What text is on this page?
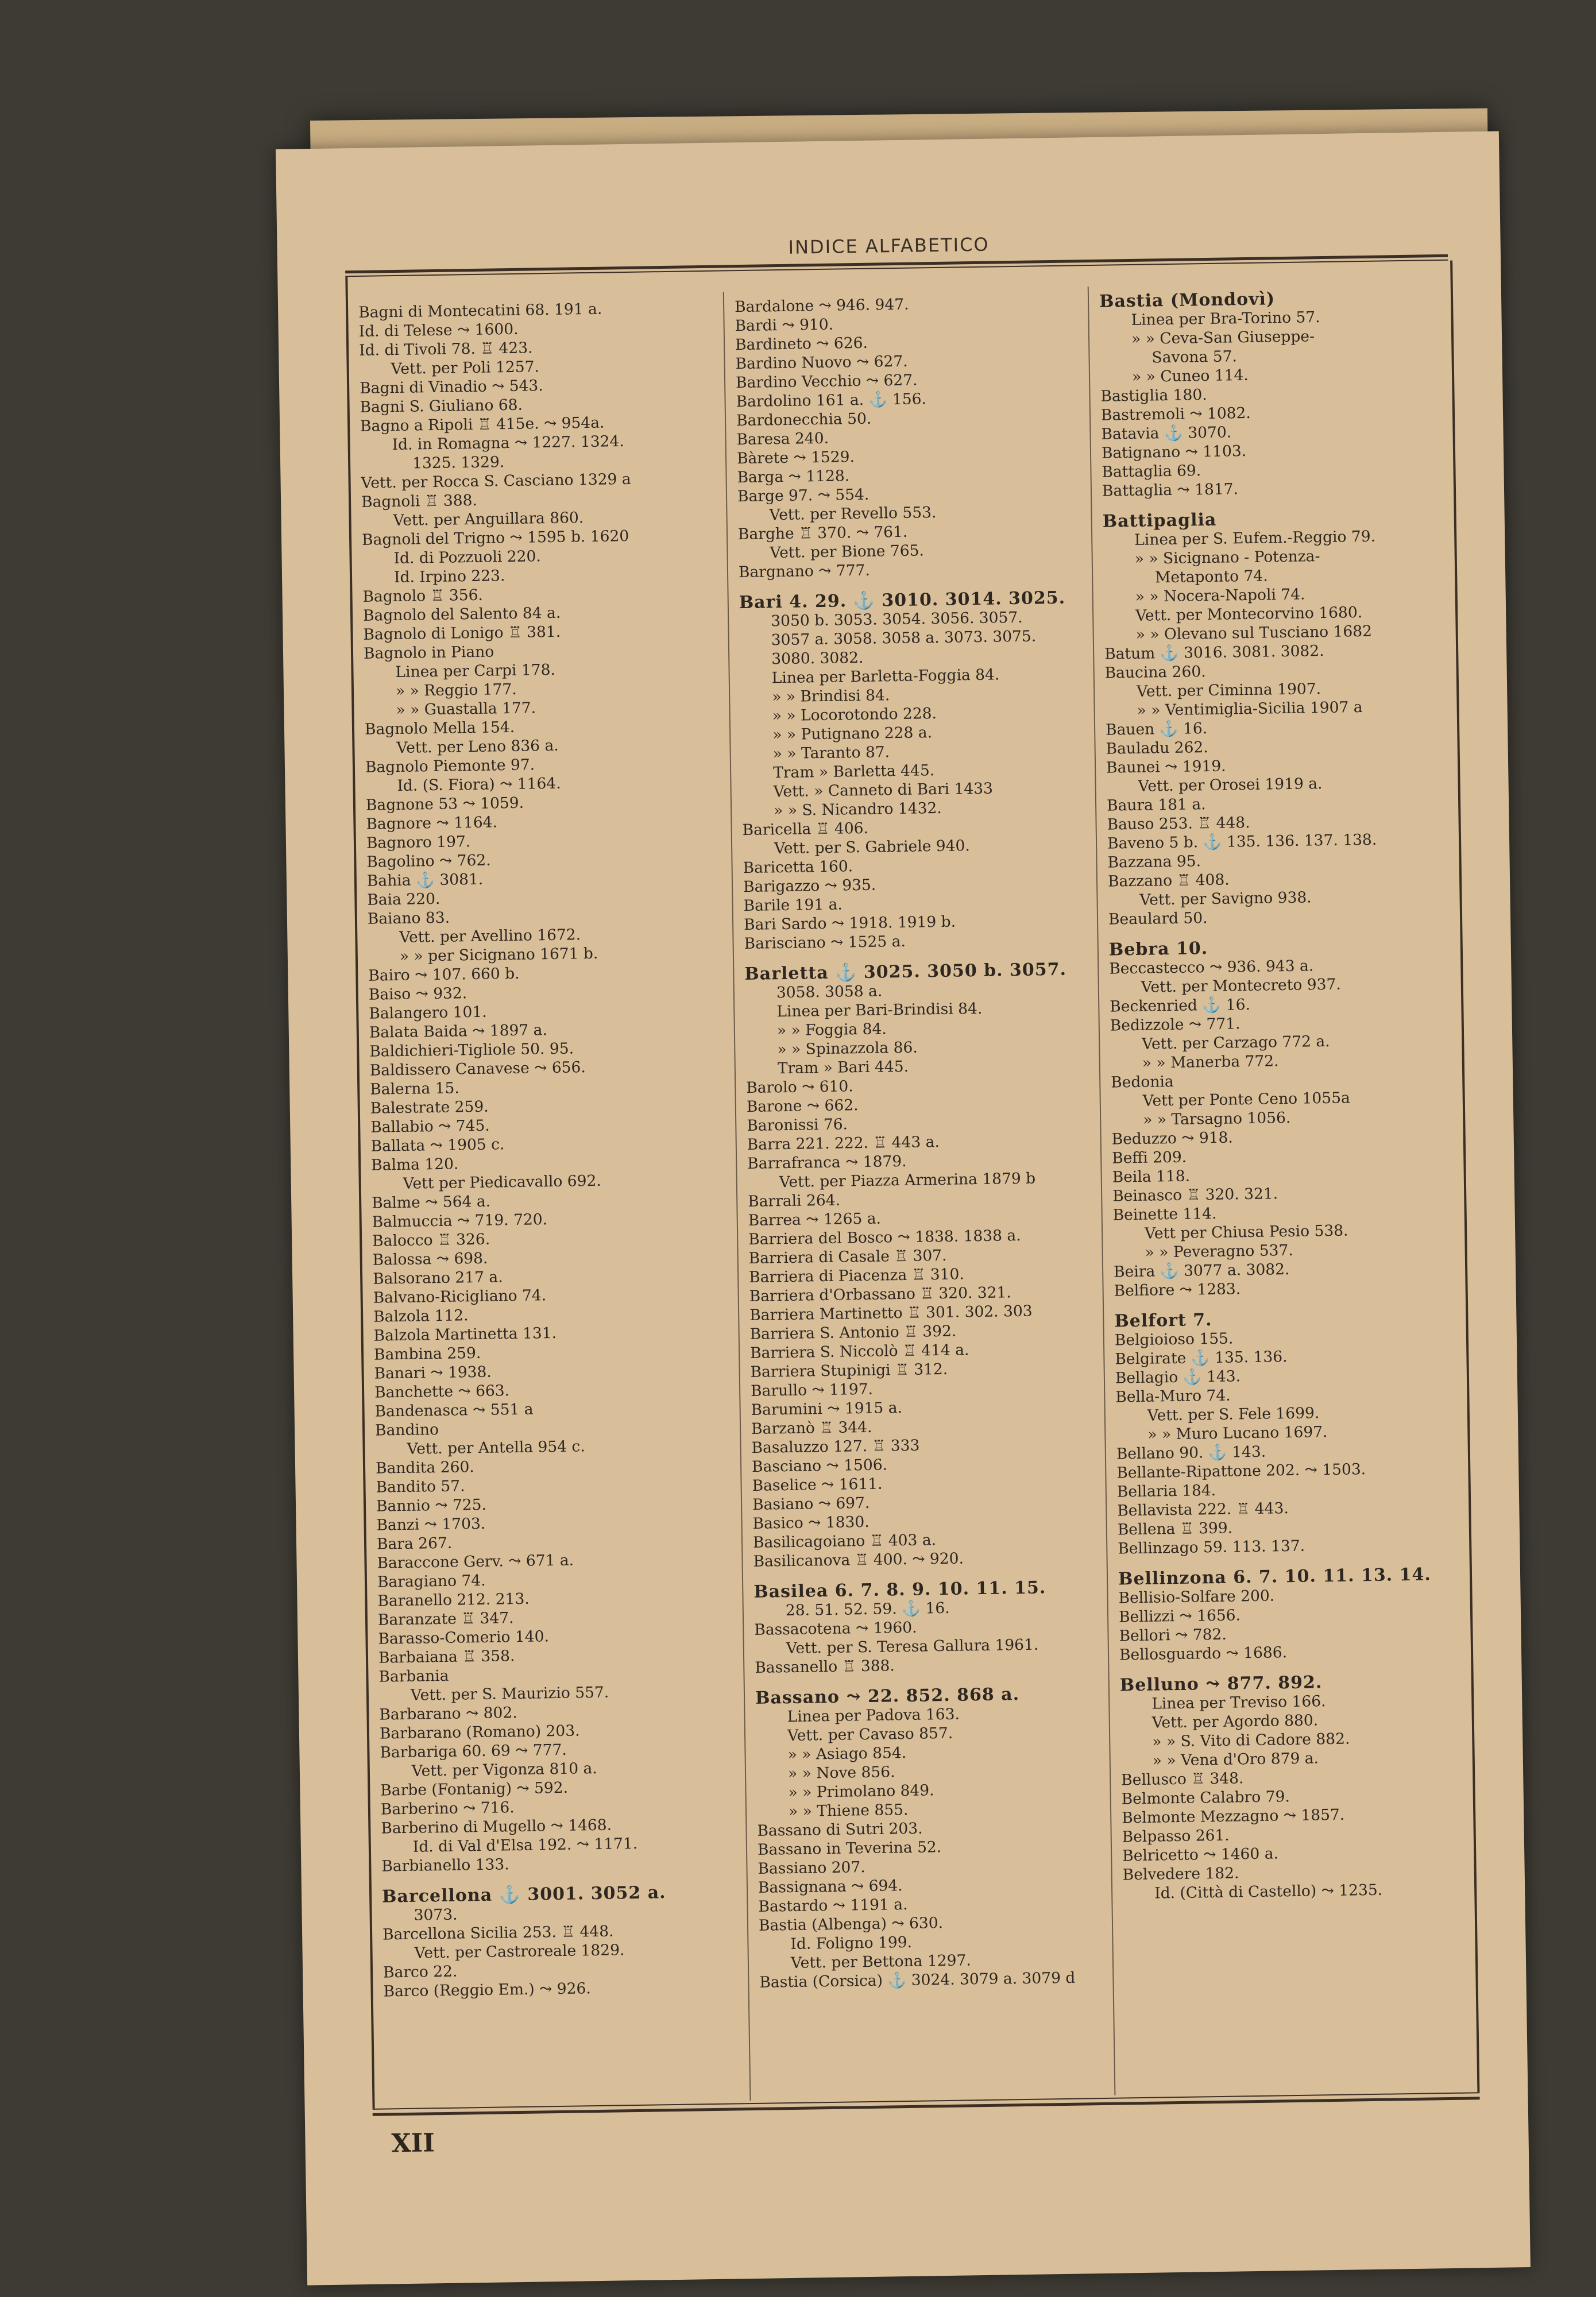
INDICE ALFABETICO
Bagni di Montecatini 68. 191 a.
Id. di Telese ⤳ 1600.
Id. di Tivoli 78. ♖ 423.
Vett. per Poli 1257.
Bagni di Vinadio ⤳ 543.
Bagni S. Giuliano 68.
Bagno a Ripoli ♖ 415e. ⤳ 954a.
Id. in Romagna ⤳ 1227. 1324.
1325. 1329.
Vett. per Rocca S. Casciano 1329 a
Bagnoli ♖ 388.
Vett. per Anguillara 860.
Bagnoli del Trigno ⤳ 1595 b. 1620
Id. di Pozzuoli 220.
Id. Irpino 223.
Bagnolo ♖ 356.
Bagnolo del Salento 84 a.
Bagnolo di Lonigo ♖ 381.
Bagnolo in Piano
Linea per Carpi 178.
» » Reggio 177.
» » Guastalla 177.
Bagnolo Mella 154.
Vett. per Leno 836 a.
Bagnolo Piemonte 97.
Id. (S. Fiora) ⤳ 1164.
Bagnone 53 ⤳ 1059.
Bagnore ⤳ 1164.
Bagnoro 197.
Bagolino ⤳ 762.
Bahia ⚓ 3081.
Baia 220.
Baiano 83.
Vett. per Avellino 1672.
» » per Sicignano 1671 b.
Bairo ⤳ 107. 660 b.
Baiso ⤳ 932.
Balangero 101.
Balata Baida ⤳ 1897 a.
Baldichieri-Tigliole 50. 95.
Baldissero Canavese ⤳ 656.
Balerna 15.
Balestrate 259.
Ballabio ⤳ 745.
Ballata ⤳ 1905 c.
Balma 120.
Vett per Piedicavallo 692.
Balme ⤳ 564 a.
Balmuccia ⤳ 719. 720.
Balocco ♖ 326.
Balossa ⤳ 698.
Balsorano 217 a.
Balvano-Ricigliano 74.
Balzola 112.
Balzola Martinetta 131.
Bambina 259.
Banari ⤳ 1938.
Banchette ⤳ 663.
Bandenasca ⤳ 551 a
Bandino
Vett. per Antella 954 c.
Bandita 260.
Bandito 57.
Bannio ⤳ 725.
Banzi ⤳ 1703.
Bara 267.
Baraccone Gerv. ⤳ 671 a.
Baragiano 74.
Baranello 212. 213.
Baranzate ♖ 347.
Barasso-Comerio 140.
Barbaiana ♖ 358.
Barbania
Vett. per S. Maurizio 557.
Barbarano ⤳ 802.
Barbarano (Romano) 203.
Barbariga 60. 69 ⤳ 777.
Vett. per Vigonza 810 a.
Barbe (Fontanig) ⤳ 592.
Barberino ⤳ 716.
Barberino di Mugello ⤳ 1468.
Id. di Val d'Elsa 192. ⤳ 1171.
Barbianello 133.
Barcellona ⚓ 3001. 3052 a.
3073.
Barcellona Sicilia 253. ♖ 448.
Vett. per Castroreale 1829.
Barco 22.
Barco (Reggio Em.) ⤳ 926.
Bardalone ⤳ 946. 947.
Bardi ⤳ 910.
Bardineto ⤳ 626.
Bardino Nuovo ⤳ 627.
Bardino Vecchio ⤳ 627.
Bardolino 161 a. ⚓ 156.
Bardonecchia 50.
Baresa 240.
Bàrete ⤳ 1529.
Barga ⤳ 1128.
Barge 97. ⤳ 554.
Vett. per Revello 553.
Barghe ♖ 370. ⤳ 761.
Vett. per Bione 765.
Bargnano ⤳ 777.
Bari 4. 29. ⚓ 3010. 3014. 3025.
3050 b. 3053. 3054. 3056. 3057.
3057 a. 3058. 3058 a. 3073. 3075.
3080. 3082.
Linea per Barletta-Foggia 84.
» » Brindisi 84.
» » Locorotondo 228.
» » Putignano 228 a.
» » Taranto 87.
Tram » Barletta 445.
Vett. » Canneto di Bari 1433
» » S. Nicandro 1432.
Baricella ♖ 406.
Vett. per S. Gabriele 940.
Baricetta 160.
Barigazzo ⤳ 935.
Barile 191 a.
Bari Sardo ⤳ 1918. 1919 b.
Barisciano ⤳ 1525 a.
Barletta ⚓ 3025. 3050 b. 3057.
3058. 3058 a.
Linea per Bari-Brindisi 84.
» » Foggia 84.
» » Spinazzola 86.
Tram » Bari 445.
Barolo ⤳ 610.
Barone ⤳ 662.
Baronissi 76.
Barra 221. 222. ♖ 443 a.
Barrafranca ⤳ 1879.
Vett. per Piazza Armerina 1879 b
Barrali 264.
Barrea ⤳ 1265 a.
Barriera del Bosco ⤳ 1838. 1838 a.
Barriera di Casale ♖ 307.
Barriera di Piacenza ♖ 310.
Barriera d'Orbassano ♖ 320. 321.
Barriera Martinetto ♖ 301. 302. 303
Barriera S. Antonio ♖ 392.
Barriera S. Niccolò ♖ 414 a.
Barriera Stupinigi ♖ 312.
Barullo ⤳ 1197.
Barumini ⤳ 1915 a.
Barzanò ♖ 344.
Basaluzzo 127. ♖ 333
Basciano ⤳ 1506.
Baselice ⤳ 1611.
Basiano ⤳ 697.
Basico ⤳ 1830.
Basilicagoiano ♖ 403 a.
Basilicanova ♖ 400. ⤳ 920.
Basilea 6. 7. 8. 9. 10. 11. 15.
28. 51. 52. 59. ⚓ 16.
Bassacotena ⤳ 1960.
Vett. per S. Teresa Gallura 1961.
Bassanello ♖ 388.
Bassano ⤳ 22. 852. 868 a.
Linea per Padova 163.
Vett. per Cavaso 857.
» » Asiago 854.
» » Nove 856.
» » Primolano 849.
» » Thiene 855.
Bassano di Sutri 203.
Bassano in Teverina 52.
Bassiano 207.
Bassignana ⤳ 694.
Bastardo ⤳ 1191 a.
Bastia (Albenga) ⤳ 630.
Id. Foligno 199.
Vett. per Bettona 1297.
Bastia (Corsica) ⚓ 3024. 3079 a. 3079 d
Bastia (Mondovì)
Linea per Bra-Torino 57.
» » Ceva-San Giuseppe-
Savona 57.
» » Cuneo 114.
Bastiglia 180.
Bastremoli ⤳ 1082.
Batavia ⚓ 3070.
Batignano ⤳ 1103.
Battaglia 69.
Battaglia ⤳ 1817.
Battipaglia
Linea per S. Eufem.-Reggio 79.
» » Sicignano - Potenza-
Metaponto 74.
» » Nocera-Napoli 74.
Vett. per Montecorvino 1680.
» » Olevano sul Tusciano 1682
Batum ⚓ 3016. 3081. 3082.
Baucina 260.
Vett. per Ciminna 1907.
» » Ventimiglia-Sicilia 1907 a
Bauen ⚓ 16.
Bauladu 262.
Baunei ⤳ 1919.
Vett. per Orosei 1919 a.
Baura 181 a.
Bauso 253. ♖ 448.
Baveno 5 b. ⚓ 135. 136. 137. 138.
Bazzana 95.
Bazzano ♖ 408.
Vett. per Savigno 938.
Beaulard 50.
Bebra 10.
Beccastecco ⤳ 936. 943 a.
Vett. per Montecreto 937.
Beckenried ⚓ 16.
Bedizzole ⤳ 771.
Vett. per Carzago 772 a.
» » Manerba 772.
Bedonia
Vett per Ponte Ceno 1055a
» » Tarsagno 1056.
Beduzzo ⤳ 918.
Beffi 209.
Beila 118.
Beinasco ♖ 320. 321.
Beinette 114.
Vett per Chiusa Pesio 538.
» » Peveragno 537.
Beira ⚓ 3077 a. 3082.
Belfiore ⤳ 1283.
Belfort 7.
Belgioioso 155.
Belgirate ⚓ 135. 136.
Bellagio ⚓ 143.
Bella-Muro 74.
Vett. per S. Fele 1699.
» » Muro Lucano 1697.
Bellano 90. ⚓ 143.
Bellante-Ripattone 202. ⤳ 1503.
Bellaria 184.
Bellavista 222. ♖ 443.
Bellena ♖ 399.
Bellinzago 59. 113. 137.
Bellinzona 6. 7. 10. 11. 13. 14.
Bellisio-Solfare 200.
Bellizzi ⤳ 1656.
Bellori ⤳ 782.
Bellosguardo ⤳ 1686.
Belluno ⤳ 877. 892.
Linea per Treviso 166.
Vett. per Agordo 880.
» » S. Vito di Cadore 882.
» » Vena d'Oro 879 a.
Bellusco ♖ 348.
Belmonte Calabro 79.
Belmonte Mezzagno ⤳ 1857.
Belpasso 261.
Belricetto ⤳ 1460 a.
Belvedere 182.
Id. (Città di Castello) ⤳ 1235.
XII
